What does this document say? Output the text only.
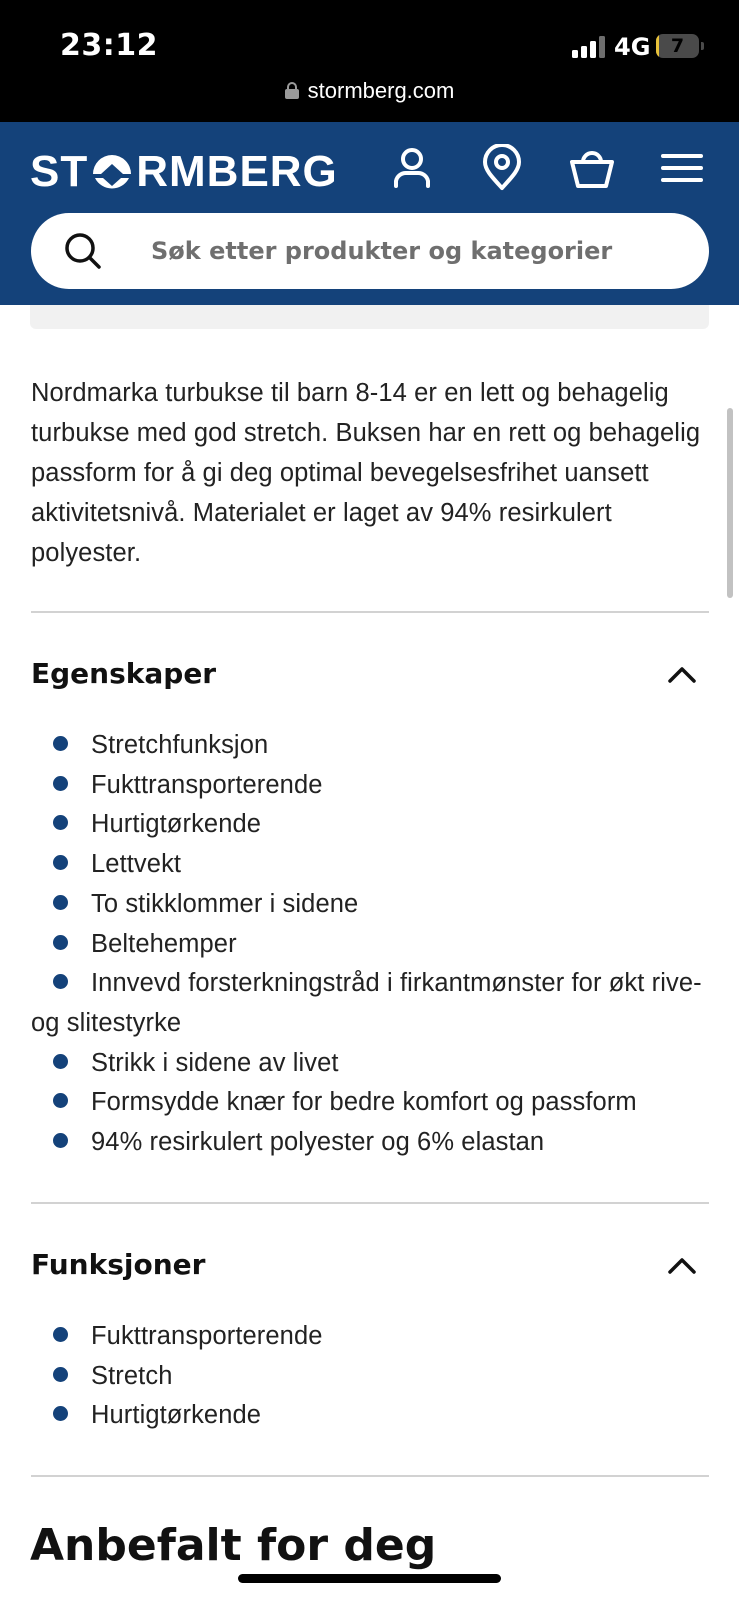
23:12	4G	7
stormberg.com
ST RMBERG
Søk etter produkter og kategorier

Nordmarka turbukse til barn 8-14 er en lett og behagelig turbukse med god stretch. Buksen har en rett og behagelig passform for å gi deg optimal bevegelsesfrihet uansett aktivitetsnivå. Materialet er laget av 94% resirkulert polyester.

Egenskaper
Stretchfunksjon
Fukttransporterende
Hurtigtørkende
Lettvekt
To stikklommer i sidene
Beltehemper
Innvevd forsterkningstråd i firkantmønster for økt rive- og slitestyrke
Strikk i sidene av livet
Formsydde knær for bedre komfort og passform
94% resirkulert polyester og 6% elastan
Funksjoner
Fukttransporterende
Stretch
Hurtigtørkende
Anbefalt for deg
